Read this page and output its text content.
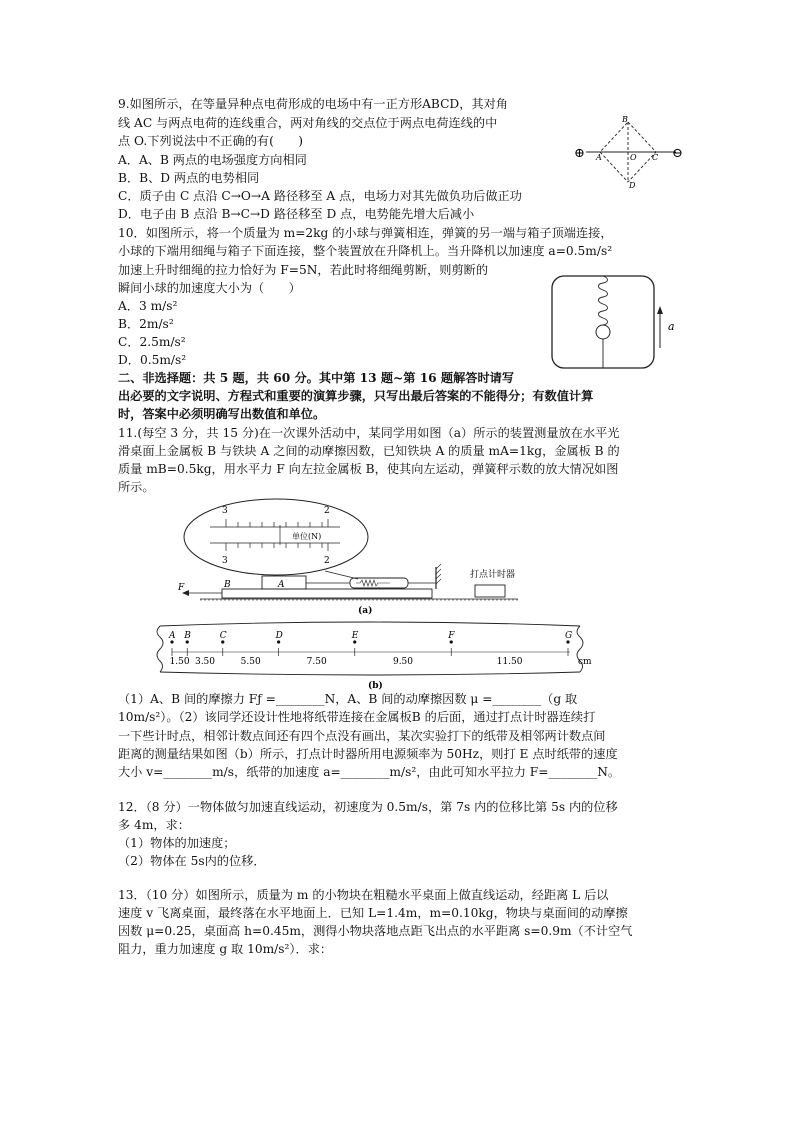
9.如图所示，在等量异种点电荷形成的电场中有一正方形ABCD，其对角
线 AC 与两点电荷的连线重合，两对角线的交点位于两点电荷连线的中
点 O.下列说法中不正确的有(　　)
A．A、B 两点的电场强度方向相同
B．B、D 两点的电势相同
C．质子由 C 点沿 C→O→A 路径移至 A 点，电场力对其先做负功后做正功
D．电子由 B 点沿 B→C→D 路径移至 D 点，电势能先增大后减小
⊕	⊖
A
B
C
D
O
10．如图所示，将一个质量为 m=2kg 的小球与弹簧相连，弹簧的另一端与箱子顶端连接，
小球的下端用细绳与箱子下面连接，整个装置放在升降机上。当升降机以加速度 a=0.5m/s²
加速上升时细绳的拉力恰好为 F=5N，若此时将细绳剪断，则剪断的
瞬间小球的加速度大小为（　　）
A．3 m/s²
B．2m/s²
C．2.5m/s²
D．0.5m/s²
a
二、非选择题：共 5 题，共 60 分。其中第 13 题~第 16 题解答时请写
出必要的文字说明、方程式和重要的演算步骤，只写出最后答案的不能得分；有数值计算
时，答案中必须明确写出数值和单位。
11.(每空 3 分，共 15 分)在一次课外活动中，某同学用如图（a）所示的装置测量放在水平光
滑桌面上金属板 B 与铁块 A 之间的动摩擦因数，已知铁块 A 的质量 mA=1kg，金属板 B 的
质量 mB=0.5kg，用水平力 F 向左拉金属板 B，使其向左运动，弹簧秤示数的放大情况如图
所示。
3	2
3	2
单位(N)
F	B	A
打点计时器
(a)
A B	C	D	E	F	G
1.50 3.50	5.50	7.50	9.50	11.50	cm
(b)
（1）A、B 间的摩擦力 Fƒ =________N，A、B 间的动摩擦因数 μ =________（g 取
10m/s²）。（2）该同学还设计性地将纸带连接在金属板B 的后面，通过打点计时器连续打
一下些计时点，相邻计数点间还有四个点没有画出，某次实验打下的纸带及相邻两计数点间
距离的测量结果如图（b）所示，打点计时器所用电源频率为 50Hz，则打 E 点时纸带的速度
大小 v=________m/s，纸带的加速度 a=________m/s²，由此可知水平拉力 F=________N。
12．（8 分）一物体做匀加速直线运动，初速度为 0.5m/s，第 7s 内的位移比第 5s 内的位移
多 4m，求：
（1）物体的加速度；
（2）物体在 5s内的位移．
13．（10 分）如图所示，质量为 m 的小物块在粗糙水平桌面上做直线运动，经距离 L 后以
速度 v 飞离桌面，最终落在水平地面上．已知 L=1.4m，m=0.10kg，物块与桌面间的动摩擦
因数 μ=0.25，桌面高 h=0.45m，测得小物块落地点距飞出点的水平距离 s=0.9m（不计空气
阻力，重力加速度 g 取 10m/s²）．求：
